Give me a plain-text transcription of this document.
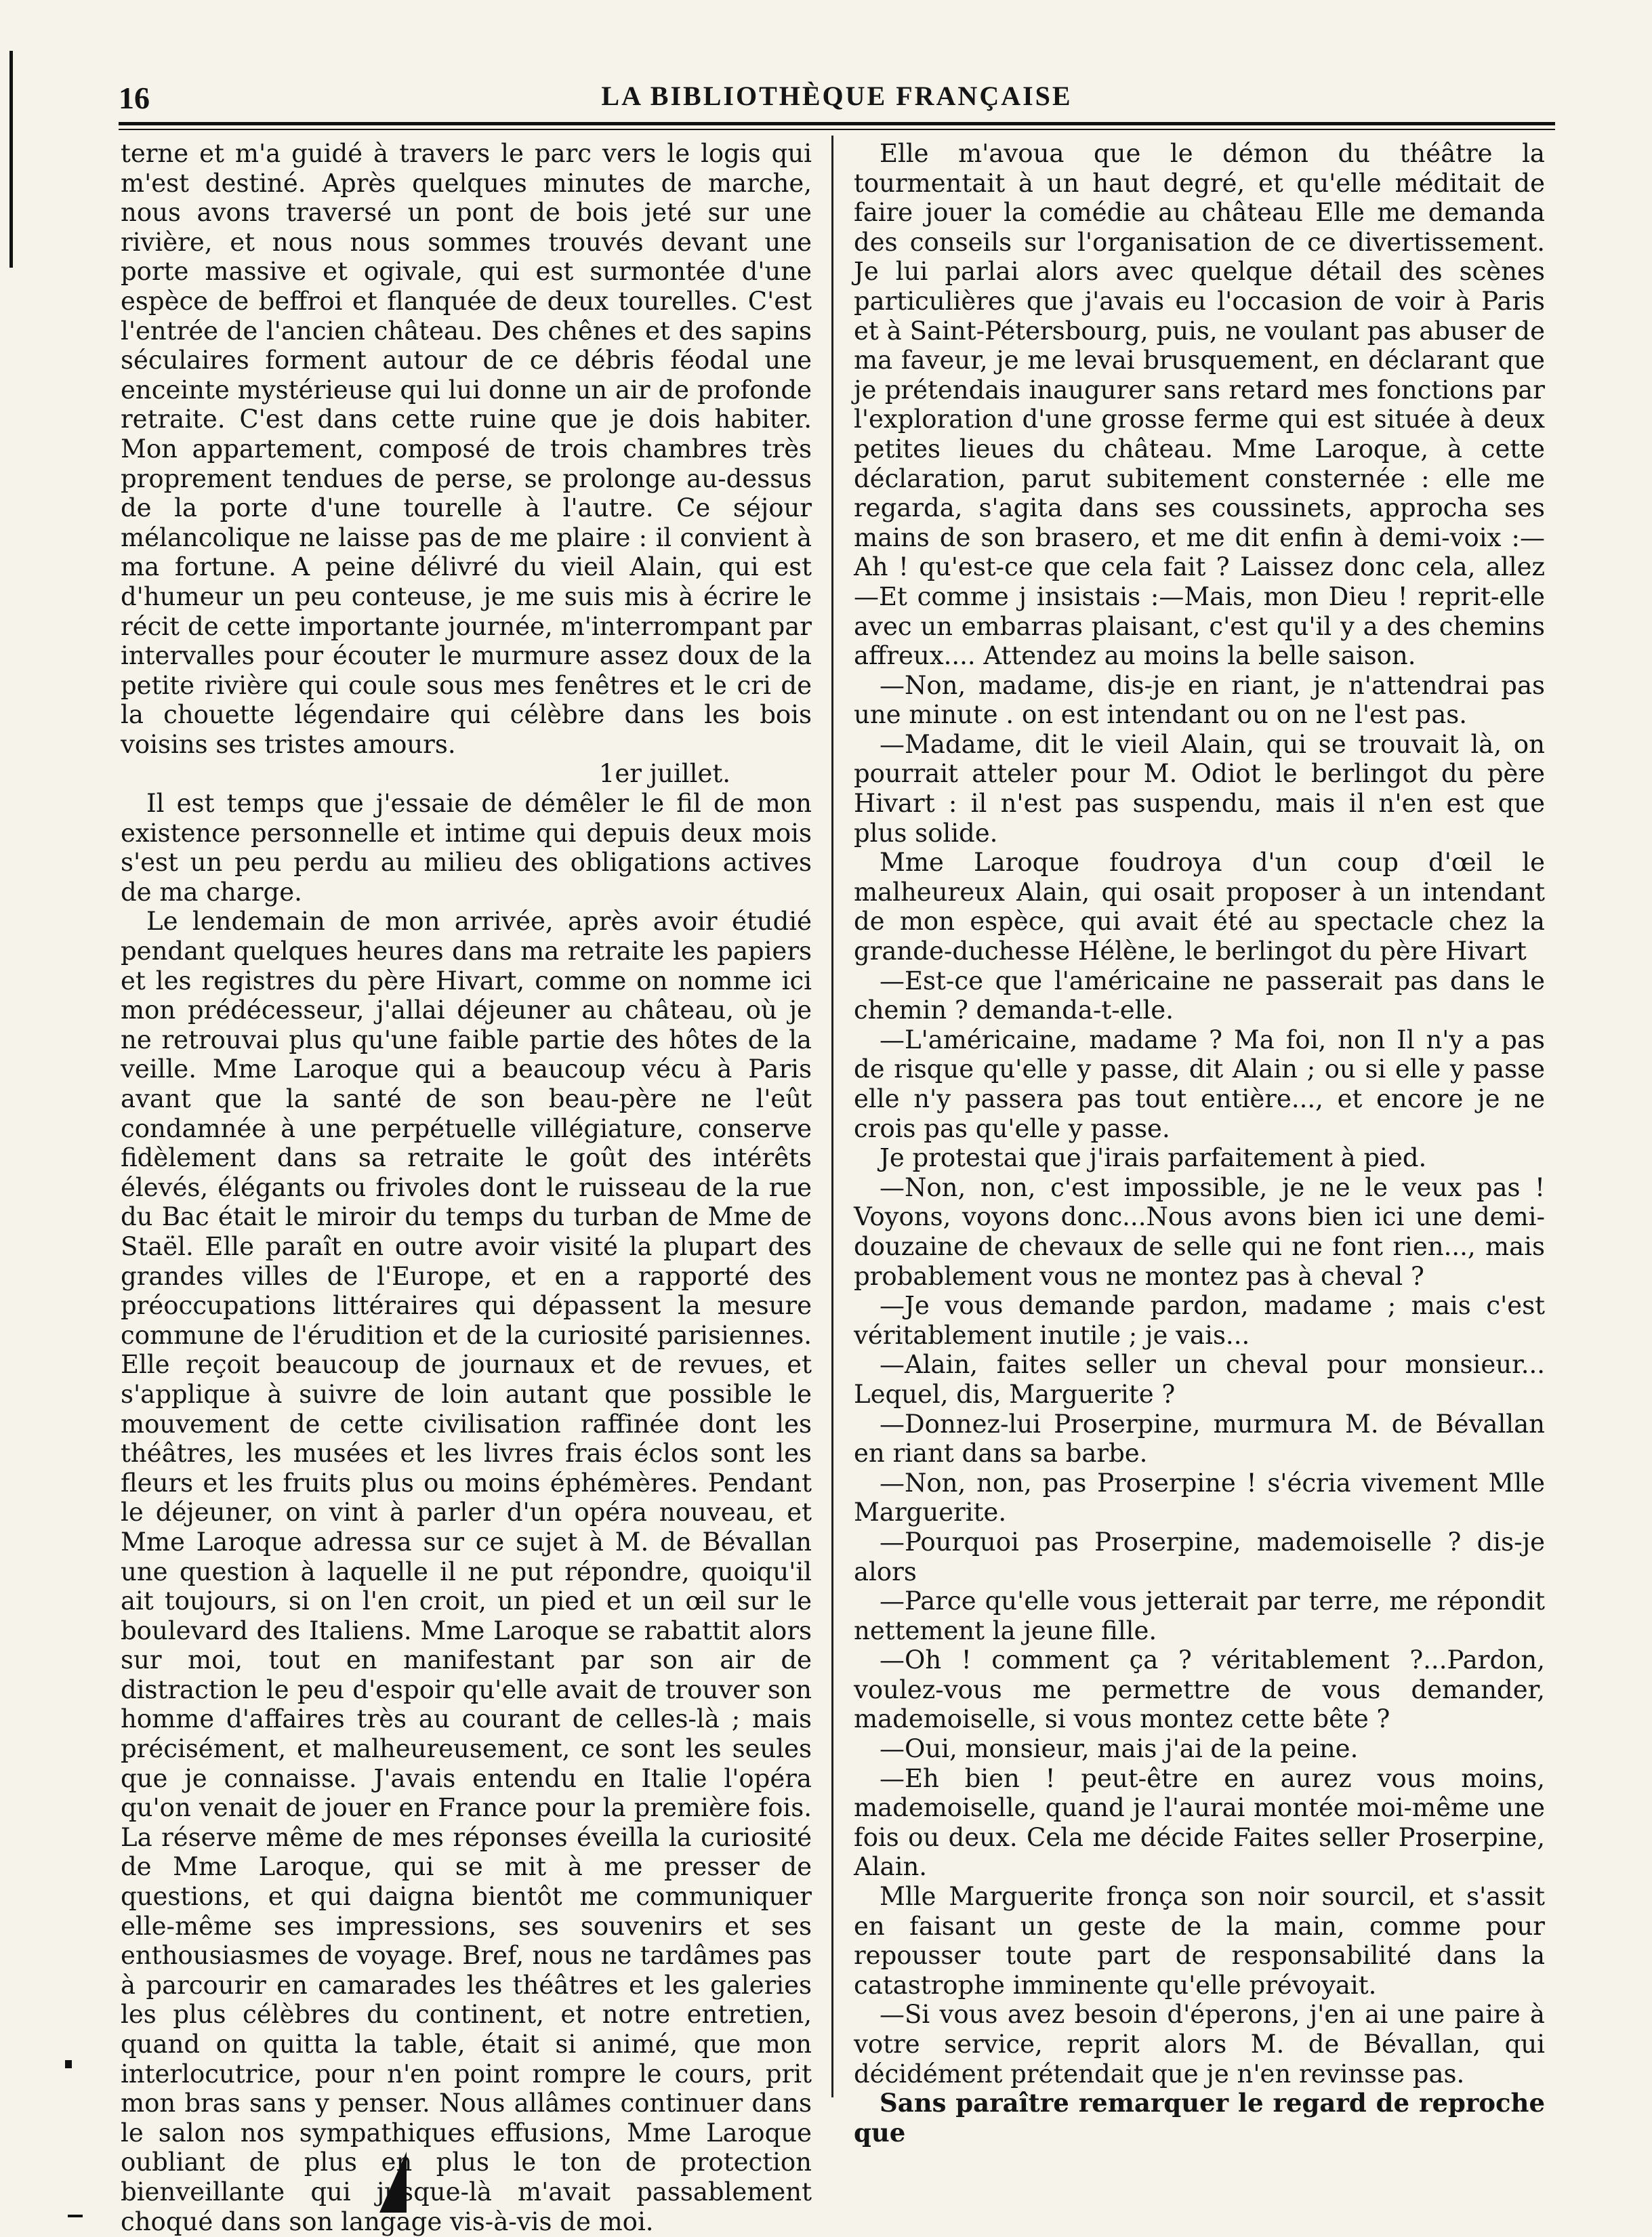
16	LA BIBLIOTHÈQUE FRANÇAISE

terne et m'a guidé à travers le parc vers le logis qui m'est destiné. Après quelques minutes de marche, nous avons traversé un pont de bois jeté sur une rivière, et nous nous sommes trouvés devant une porte massive et ogivale, qui est surmontée d'une espèce de beffroi et flanquée de deux tourelles. C'est l'entrée de l'ancien château. Des chênes et des sapins séculaires forment autour de ce débris féodal une enceinte mystérieuse qui lui donne un air de profonde retraite. C'est dans cette ruine que je dois habiter. Mon appartement, composé de trois chambres très proprement tendues de perse, se prolonge au-dessus de la porte d'une tourelle à l'autre. Ce séjour mélancolique ne laisse pas de me plaire : il convient à ma fortune. A peine délivré du vieil Alain, qui est d'humeur un peu conteuse, je me suis mis à écrire le récit de cette importante journée, m'interrompant par intervalles pour écouter le murmure assez doux de la petite rivière qui coule sous mes fenêtres et le cri de la chouette légendaire qui célèbre dans les bois voisins ses tristes amours.

1er juillet.

Il est temps que j'essaie de démêler le fil de mon existence personnelle et intime qui depuis deux mois s'est un peu perdu au milieu des obligations actives de ma charge.

Le lendemain de mon arrivée, après avoir étudié pendant quelques heures dans ma retraite les papiers et les registres du père Hivart, comme on nomme ici mon prédécesseur, j'allai déjeuner au château, où je ne retrouvai plus qu'une faible partie des hôtes de la veille. Mme Laroque qui a beaucoup vécu à Paris avant que la santé de son beau-père ne l'eût condamnée à une perpétuelle villégiature, conserve fidèlement dans sa retraite le goût des intérêts élevés, élégants ou frivoles dont le ruisseau de la rue du Bac était le miroir du temps du turban de Mme de Staël. Elle paraît en outre avoir visité la plupart des grandes villes de l'Europe, et en a rapporté des préoccupations littéraires qui dépassent la mesure commune de l'érudition et de la curiosité parisiennes. Elle reçoit beaucoup de journaux et de revues, et s'applique à suivre de loin autant que possible le mouvement de cette civilisation raffinée dont les théâtres, les musées et les livres frais éclos sont les fleurs et les fruits plus ou moins éphémères. Pendant le déjeuner, on vint à parler d'un opéra nouveau, et Mme Laroque adressa sur ce sujet à M. de Bévallan une question à laquelle il ne put répondre, quoiqu'il ait toujours, si on l'en croit, un pied et un œil sur le boulevard des Italiens. Mme Laroque se rabattit alors sur moi, tout en manifestant par son air de distraction le peu d'espoir qu'elle avait de trouver son homme d'affaires très au courant de celles-là ; mais précisément, et malheureusement, ce sont les seules que je connaisse. J'avais entendu en Italie l'opéra qu'on venait de jouer en France pour la première fois. La réserve même de mes réponses éveilla la curiosité de Mme Laroque, qui se mit à me presser de questions, et qui daigna bientôt me communiquer elle-même ses impressions, ses souvenirs et ses enthousiasmes de voyage. Bref, nous ne tardâmes pas à parcourir en camarades les théâtres et les galeries les plus célèbres du continent, et notre entretien, quand on quitta la table, était si animé, que mon interlocutrice, pour n'en point rompre le cours, prit mon bras sans y penser. Nous allâmes continuer dans le salon nos sympathiques effusions, Mme Laroque oubliant de plus en plus le ton de protection bienveillante qui jusque-là m'avait passablement choqué dans son langage vis-à-vis de moi.

Elle m'avoua que le démon du théâtre la tourmentait à un haut degré, et qu'elle méditait de faire jouer la comédie au château Elle me demanda des conseils sur l'organisation de ce divertissement. Je lui parlai alors avec quelque détail des scènes particulières que j'avais eu l'occasion de voir à Paris et à Saint-Pétersbourg, puis, ne voulant pas abuser de ma faveur, je me levai brusquement, en déclarant que je prétendais inaugurer sans retard mes fonctions par l'exploration d'une grosse ferme qui est située à deux petites lieues du château. Mme Laroque, à cette déclaration, parut subitement consternée : elle me regarda, s'agita dans ses coussinets, approcha ses mains de son brasero, et me dit enfin à demi-voix :—Ah ! qu'est-ce que cela fait ? Laissez donc cela, allez—Et comme j insistais :—Mais, mon Dieu ! reprit-elle avec un embarras plaisant, c'est qu'il y a des chemins affreux.... Attendez au moins la belle saison.

—Non, madame, dis-je en riant, je n'attendrai pas une minute . on est intendant ou on ne l'est pas.

—Madame, dit le vieil Alain, qui se trouvait là, on pourrait atteler pour M. Odiot le berlingot du père Hivart : il n'est pas suspendu, mais il n'en est que plus solide.

Mme Laroque foudroya d'un coup d'œil le malheureux Alain, qui osait proposer à un intendant de mon espèce, qui avait été au spectacle chez la grande-duchesse Hélène, le berlingot du père Hivart

—Est-ce que l'américaine ne passerait pas dans le chemin ? demanda-t-elle.

—L'américaine, madame ? Ma foi, non Il n'y a pas de risque qu'elle y passe, dit Alain ; ou si elle y passe elle n'y passera pas tout entière..., et encore je ne crois pas qu'elle y passe.

Je protestai que j'irais parfaitement à pied.

—Non, non, c'est impossible, je ne le veux pas ! Voyons, voyons donc...Nous avons bien ici une demi-douzaine de chevaux de selle qui ne font rien..., mais probablement vous ne montez pas à cheval ?

—Je vous demande pardon, madame ; mais c'est véritablement inutile ; je vais...

—Alain, faites seller un cheval pour monsieur... Lequel, dis, Marguerite ?

—Donnez-lui Proserpine, murmura M. de Bévallan en riant dans sa barbe.

—Non, non, pas Proserpine ! s'écria vivement Mlle Marguerite.

—Pourquoi pas Proserpine, mademoiselle ? dis-je alors

—Parce qu'elle vous jetterait par terre, me répondit nettement la jeune fille.

—Oh ! comment ça ? véritablement ?...Pardon, voulez-vous me permettre de vous demander, mademoiselle, si vous montez cette bête ?

—Oui, monsieur, mais j'ai de la peine.

—Eh bien ! peut-être en aurez vous moins, mademoiselle, quand je l'aurai montée moi-même une fois ou deux. Cela me décide Faites seller Proserpine, Alain.

Mlle Marguerite fronça son noir sourcil, et s'assit en faisant un geste de la main, comme pour repousser toute part de responsabilité dans la catastrophe imminente qu'elle prévoyait.

—Si vous avez besoin d'éperons, j'en ai une paire à votre service, reprit alors M. de Bévallan, qui décidément prétendait que je n'en revinsse pas.

Sans paraître remarquer le regard de reproche que
